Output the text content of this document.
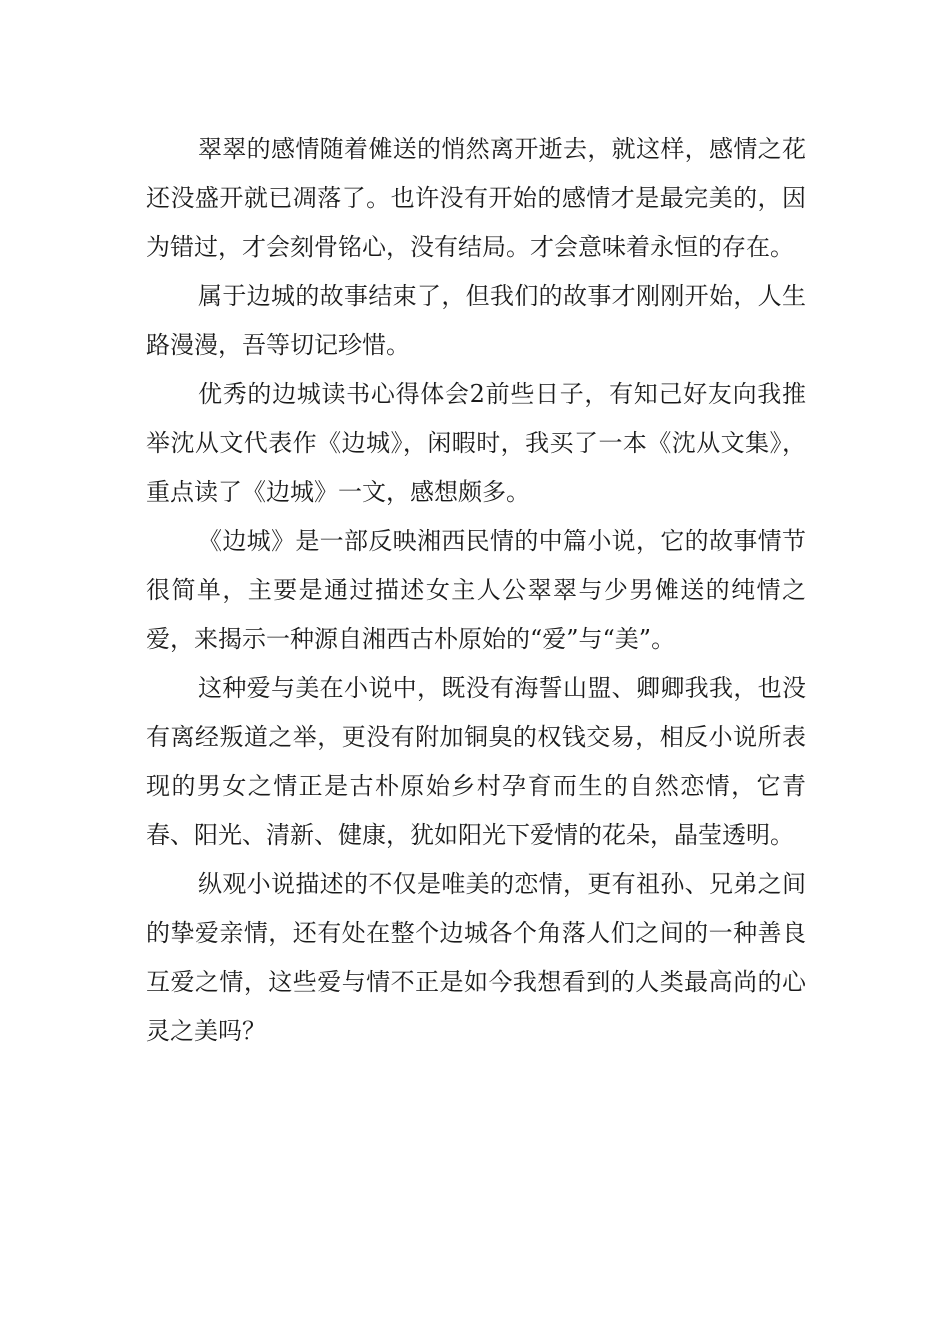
翠翠的感情随着傩送的悄然离开逝去，就这样，感情之花还没盛开就已凋落了。也许没有开始的感情才是最完美的，因为错过，才会刻骨铭心，没有结局。才会意味着永恒的存在。

属于边城的故事结束了，但我们的故事才刚刚开始，人生路漫漫，吾等切记珍惜。

优秀的边城读书心得体会2前些日子，有知己好友向我推举沈从文代表作《边城》，闲暇时，我买了一本《沈从文集》，重点读了《边城》一文，感想颇多。

《边城》是一部反映湘西民情的中篇小说，它的故事情节很简单，主要是通过描述女主人公翠翠与少男傩送的纯情之爱，来揭示一种源自湘西古朴原始的“爱”与“美”。

这种爱与美在小说中，既没有海誓山盟、卿卿我我，也没有离经叛道之举，更没有附加铜臭的权钱交易，相反小说所表现的男女之情正是古朴原始乡村孕育而生的自然恋情，它青春、阳光、清新、健康，犹如阳光下爱情的花朵，晶莹透明。

纵观小说描述的不仅是唯美的恋情，更有祖孙、兄弟之间的挚爱亲情，还有处在整个边城各个角落人们之间的一种善良互爱之情，这些爱与情不正是如今我想看到的人类最高尚的心灵之美吗？
